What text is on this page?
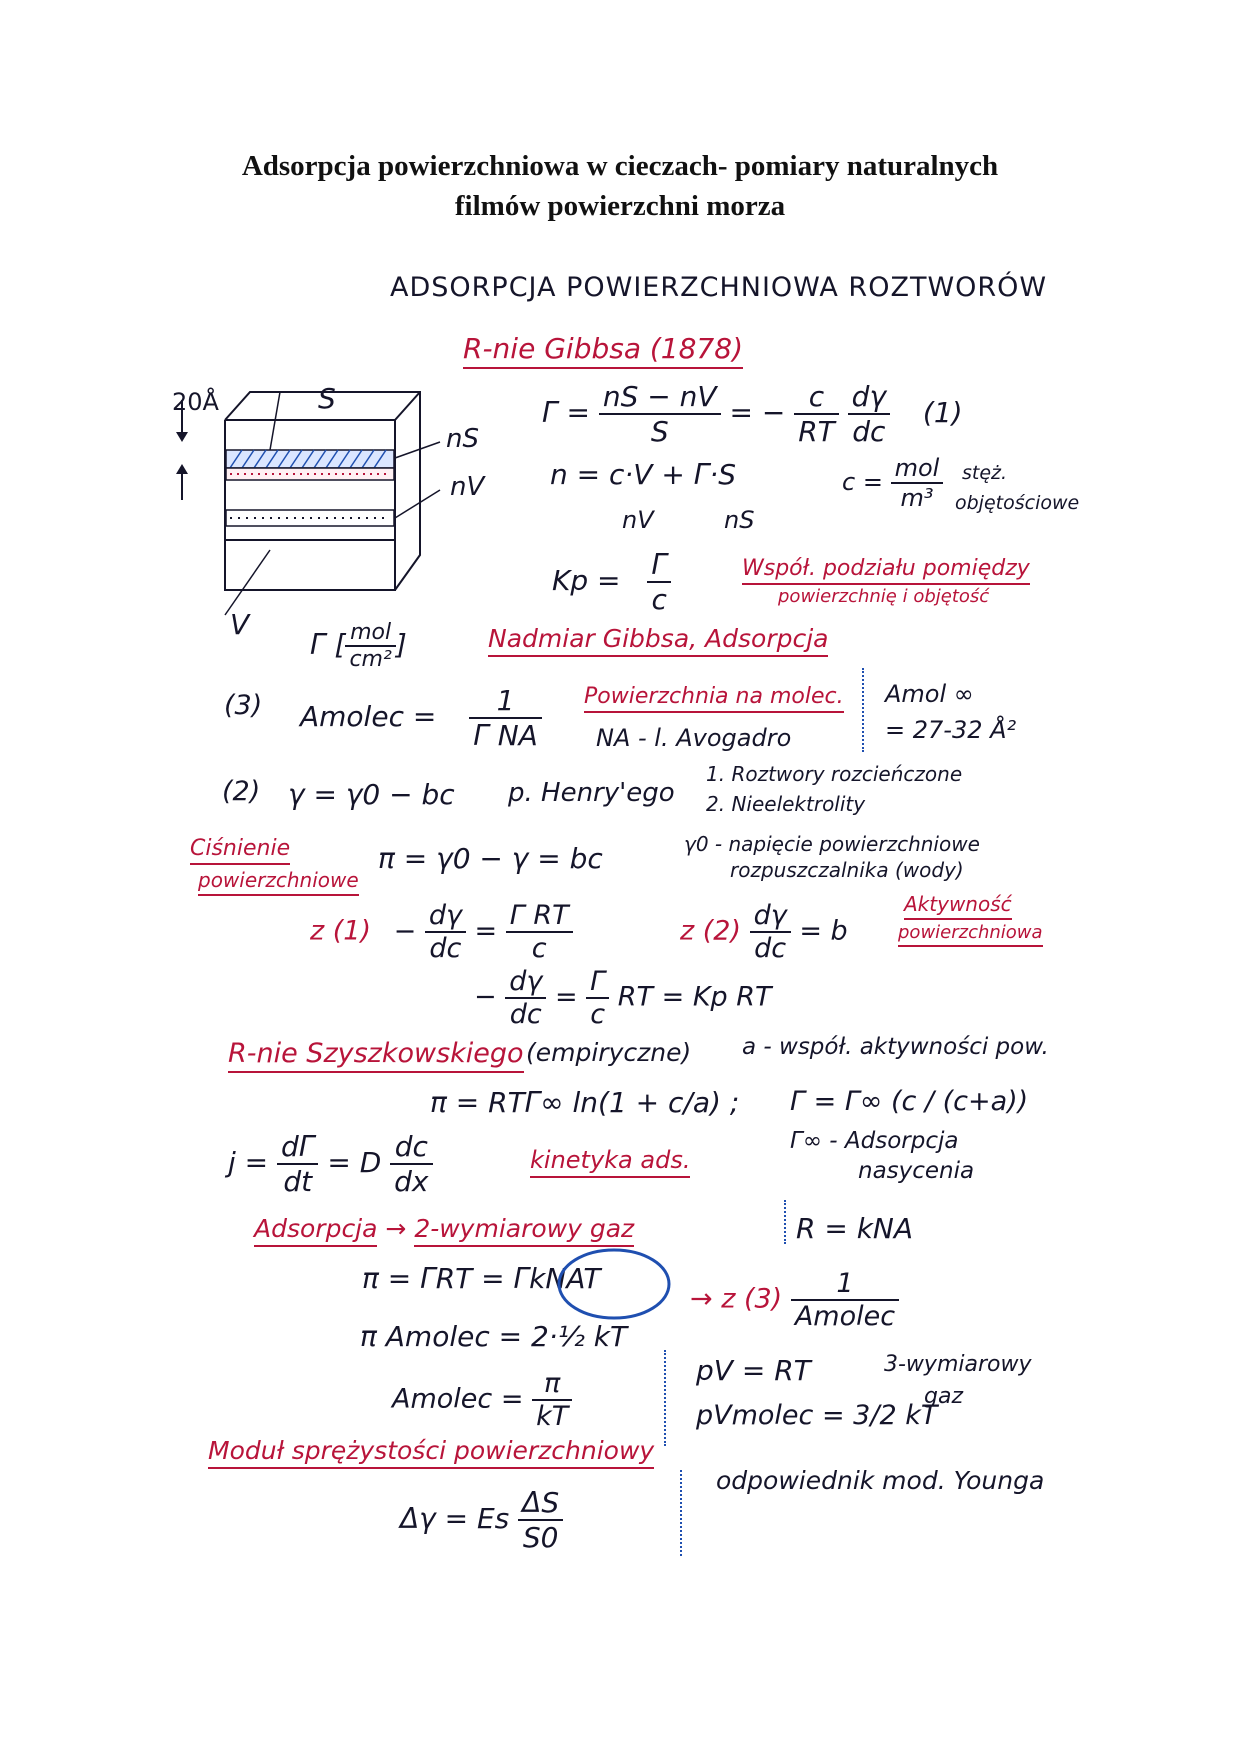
Adsorpcja powierzchniowa w cieczach- pomiary naturalnych
filmów powierzchni morza
ADSORPCJA POWIERZCHNIOWA ROZTWORÓW
R-nie Gibbsa (1878)
20Å	S
nS
nV
V
$\Gamma = \frac{nS - nV}{S}$ = − $\frac{c}{RT}$
$\frac{d\gamma}{dc} (1)$
n = c·V + Γ·S
nV	nS
$c = \frac{\text{mol}}{\text{m³}}$ stęż.
objętościowe
$Kp = \frac{\Gamma}{c}$	Współ. podziału pomiędzy
powierzchnię i objętość
Γ [ $\frac{\text{mol}}{\text{cm²}}$ ]	Nadmiar Gibbsa, Adsorpcja
(3) Amolec = $\frac{1}{\text{Γ NA}}$ Powierzchnia na molec.
NA - l. Avogadro
Amol ∞
= 27-32 Å²
(2) γ = γ0 − bc p. Henry'ego
1. Roztwory rozcieńczone
2. Nieelektrolity
Ciśnienie
powierzchniowe
π = γ0 − γ = bc	γ0 - napięcie powierzchniowe
rozpuszczalnika (wody)
z $(1) - \frac{d\gamma}{dc} = \frac{\text{Γ RT}}{c}$	z $(2) \frac{d\gamma}{dc} = b$
Aktywność
powierzchniowa
− $\frac{d\gamma}{dc} = \frac{\Gamma}{c}$ RT = Kp RT
R-nie Szyszkowskiego (empiryczne) a - współ. aktywności pow.
π = RTΓ∞ ln(1 + c/a) ; Γ = Γ∞ (c / (c+a))
$j = \frac{d\Gamma}{dt} = D \frac{dc}{dx}$	kinetyka ads.
Γ∞ - Adsorpcja
nasycenia
Adsorpcja → 2-wymiarowy gaz	R = kNA
π = ΓRT = ΓkNAT
→ z $(3) \frac{1}{\text{Amolec}}$
π Amolec = 2·½ kT
Amolec = $\frac{\pi}{kT}$	pV = RT
pVmolec = 3/2 kT
3-wymiarowy
gaz
Moduł sprężystości powierzchniowy
Δγ = Es $\frac{\Delta S}{S0}$
odpowiednik mod. Younga
